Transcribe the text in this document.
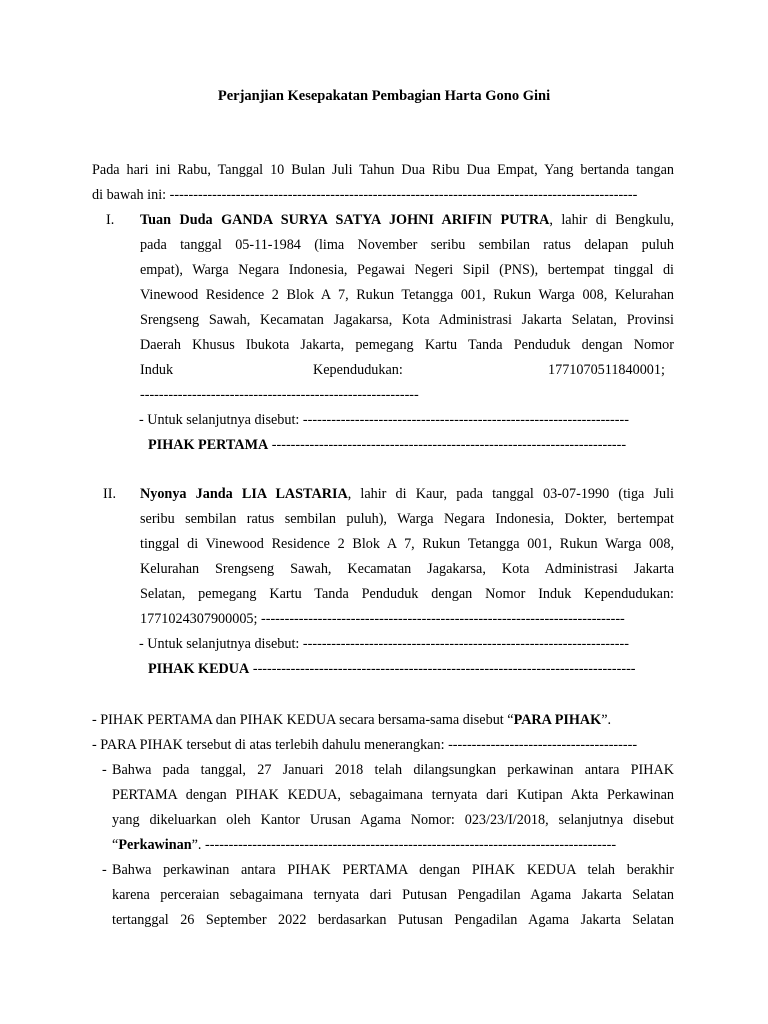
Perjanjian Kesepakatan Pembagian Harta Gono Gini
Pada hari ini Rabu, Tanggal 10 Bulan Juli Tahun Dua Ribu Dua Empat, Yang bertanda tangan
di bawah ini: ---------------------------------------------------------------------------------------------------
I. Tuan Duda GANDA SURYA SATYA JOHNI ARIFIN PUTRA, lahir di Bengkulu,
pada tanggal 05-11-1984 (lima November seribu sembilan ratus delapan puluh
empat), Warga Negara Indonesia, Pegawai Negeri Sipil (PNS), bertempat tinggal di
Vinewood Residence 2 Blok A 7, Rukun Tetangga 001, Rukun Warga 008, Kelurahan
Srengseng Sawah, Kecamatan Jagakarsa, Kota Administrasi Jakarta Selatan, Provinsi
Daerah Khusus Ibukota Jakarta, pemegang Kartu Tanda Penduduk dengan Nomor
Induk	Kependudukan:	1771070511840001;
-----------------------------------------------------------
- Untuk selanjutnya disebut: ---------------------------------------------------------------------
PIHAK PERTAMA ---------------------------------------------------------------------------
II. Nyonya Janda LIA LASTARIA, lahir di Kaur, pada tanggal 03-07-1990 (tiga Juli
seribu sembilan ratus sembilan puluh), Warga Negara Indonesia, Dokter, bertempat
tinggal di Vinewood Residence 2 Blok A 7, Rukun Tetangga 001, Rukun Warga 008,
Kelurahan Srengseng Sawah, Kecamatan Jagakarsa, Kota Administrasi Jakarta
Selatan, pemegang Kartu Tanda Penduduk dengan Nomor Induk Kependudukan:
1771024307900005; -----------------------------------------------------------------------------
- Untuk selanjutnya disebut: ---------------------------------------------------------------------
PIHAK KEDUA ---------------------------------------------------------------------------------
- PIHAK PERTAMA dan PIHAK KEDUA secara bersama-sama disebut “PARA PIHAK”.
- PARA PIHAK tersebut di atas terlebih dahulu menerangkan: ----------------------------------------
- Bahwa pada tanggal, 27 Januari 2018 telah dilangsungkan perkawinan antara PIHAK
PERTAMA dengan PIHAK KEDUA, sebagaimana ternyata dari Kutipan Akta Perkawinan
yang dikeluarkan oleh Kantor Urusan Agama Nomor: 023/23/I/2018, selanjutnya disebut
“Perkawinan”. ---------------------------------------------------------------------------------------
- Bahwa perkawinan antara PIHAK PERTAMA dengan PIHAK KEDUA telah berakhir
karena perceraian sebagaimana ternyata dari Putusan Pengadilan Agama Jakarta Selatan
tertanggal 26 September 2022 berdasarkan Putusan Pengadilan Agama Jakarta Selatan
